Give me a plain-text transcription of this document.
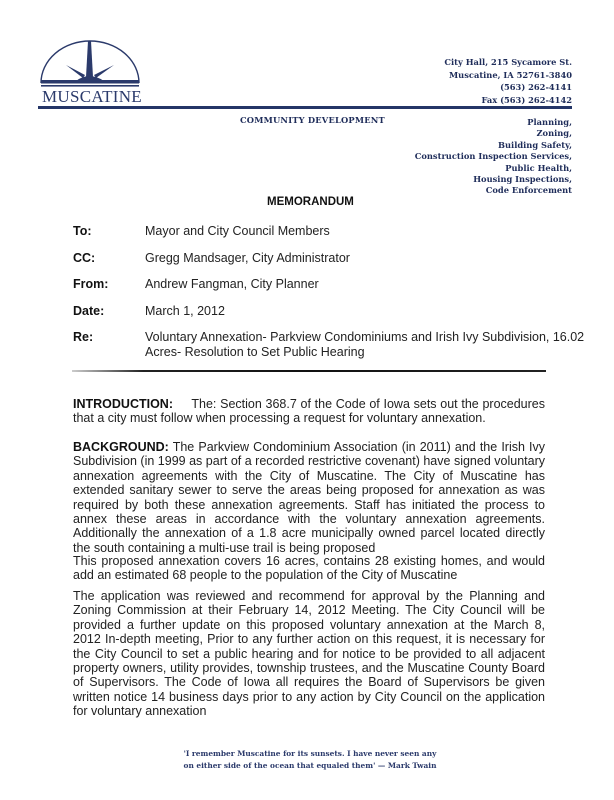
MUSCATINE
City Hall, 215 Sycamore St.
Muscatine, IA 52761-3840
(563) 262-4141
Fax (563) 262-4142
COMMUNITY DEVELOPMENT	Planning,
Zoning,
Building Safety,
Construction Inspection Services,
Public Health,
Housing Inspections,
Code Enforcement
MEMORANDUM
To:	Mayor and City Council Members
CC:	Gregg Mandsager, City Administrator
From:	Andrew Fangman, City Planner
Date:	March 1, 2012
Re:	Voluntary Annexation- Parkview Condominiums and Irish Ivy Subdivision, 16.02 Acres- Resolution to Set Public Hearing
INTRODUCTION: The: Section 368.7 of the Code of Iowa sets out the procedures that a city must follow when processing a request for voluntary annexation.
BACKGROUND: The Parkview Condominium Association (in 2011) and the Irish Ivy Subdivision (in 1999 as part of a recorded restrictive covenant) have signed voluntary annexation agreements with the City of Muscatine. The City of Muscatine has extended sanitary sewer to serve the areas being proposed for annexation as was required by both these annexation agreements. Staff has initiated the process to annex these areas in accordance with the voluntary annexation agreements. Additionally the annexation of a 1.8 acre municipally owned parcel located directly the south containing a multi-use trail is being proposed
This proposed annexation covers 16 acres, contains 28 existing homes, and would add an estimated 68 people to the population of the City of Muscatine
The application was reviewed and recommend for approval by the Planning and Zoning Commission at their February 14, 2012 Meeting. The City Council will be provided a further update on this proposed voluntary annexation at the March 8, 2012 In-depth meeting, Prior to any further action on this request, it is necessary for the City Council to set a public hearing and for notice to be provided to all adjacent property owners, utility provides, township trustees, and the Muscatine County Board of Supervisors. The Code of Iowa all requires the Board of Supervisors be given written notice 14 business days prior to any action by City Council on the application for voluntary annexation
'I remember Muscatine for its sunsets. I have never seen any
on either side of the ocean that equaled them' — Mark Twain
